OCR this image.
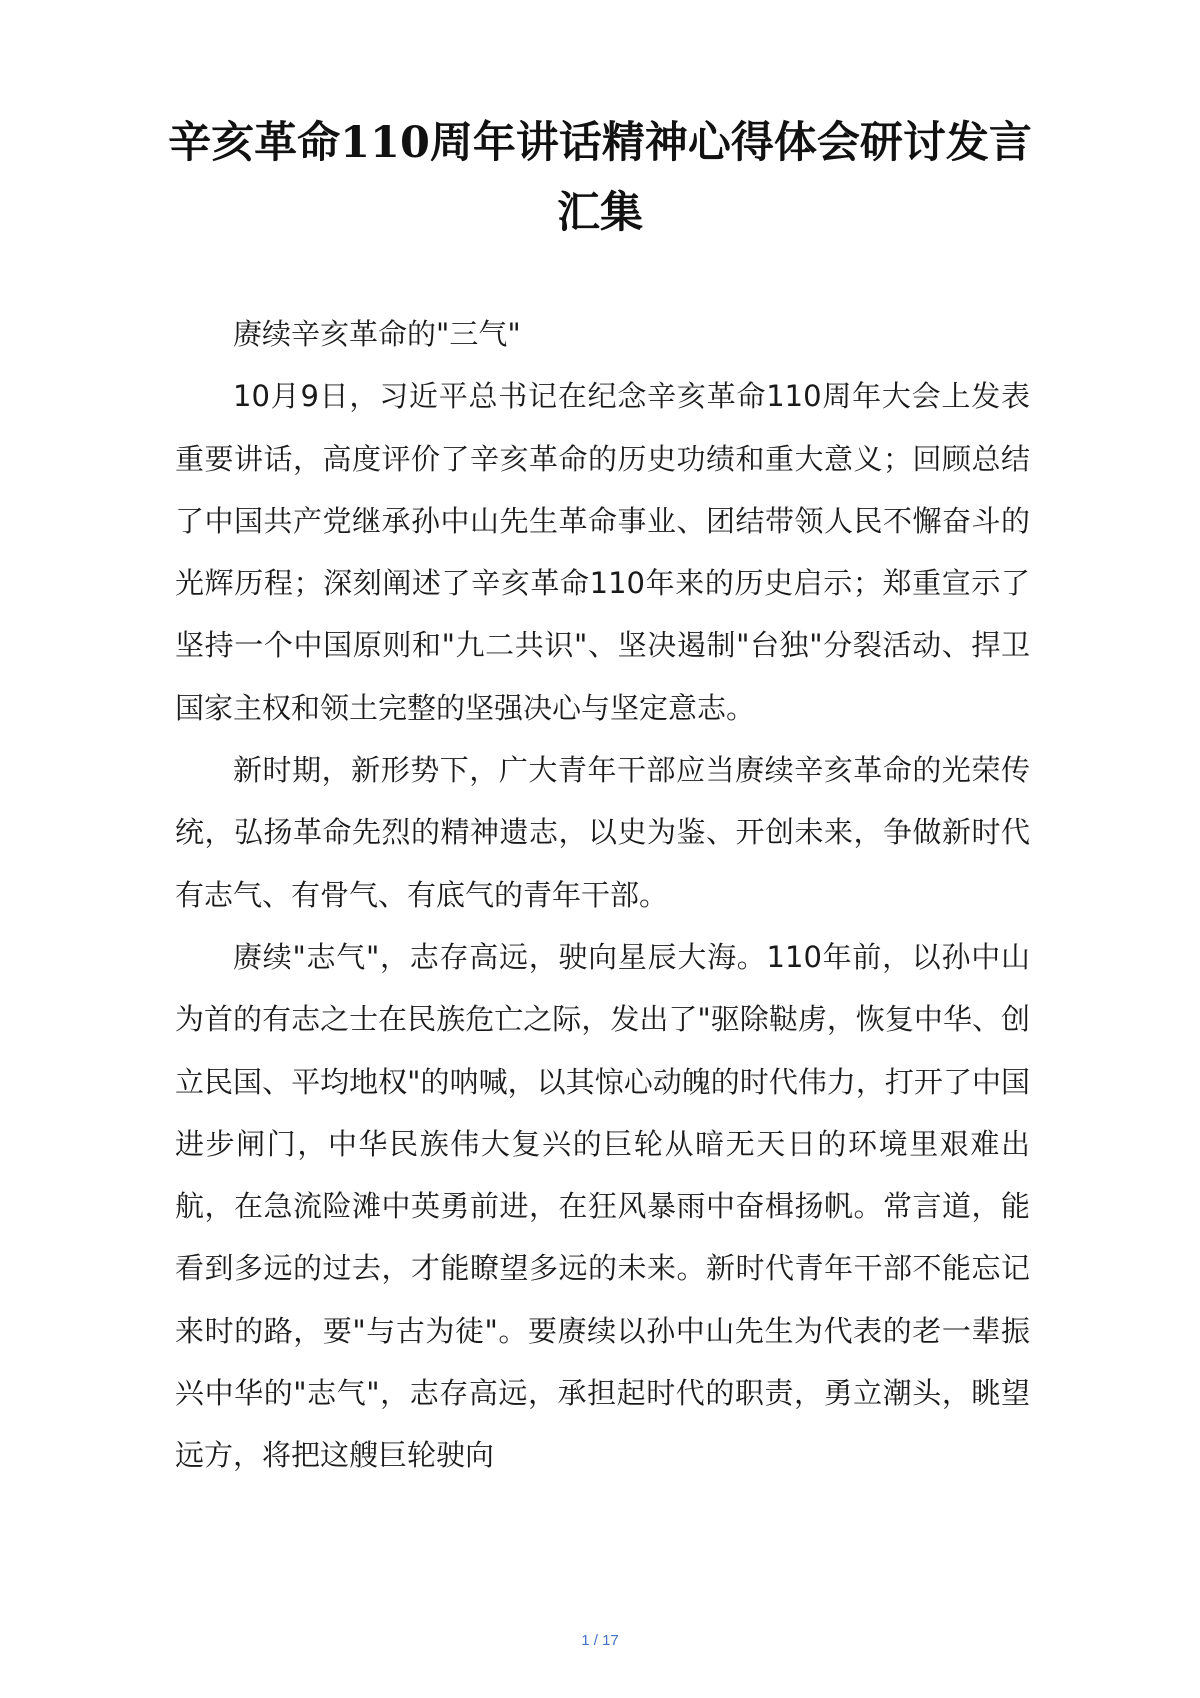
辛亥革命110周年讲话精神心得体会研讨发言汇集

赓续辛亥革命的"三气"

10月9日，习近平总书记在纪念辛亥革命110周年大会上发表重要讲话，高度评价了辛亥革命的历史功绩和重大意义；回顾总结了中国共产党继承孙中山先生革命事业、团结带领人民不懈奋斗的光辉历程；深刻阐述了辛亥革命110年来的历史启示；郑重宣示了坚持一个中国原则和"九二共识"、坚决遏制"台独"分裂活动、捍卫国家主权和领土完整的坚强决心与坚定意志。

新时期，新形势下，广大青年干部应当赓续辛亥革命的光荣传统，弘扬革命先烈的精神遗志，以史为鉴、开创未来，争做新时代有志气、有骨气、有底气的青年干部。

赓续"志气"，志存高远，驶向星辰大海。110年前，以孙中山为首的有志之士在民族危亡之际，发出了"驱除鞑虏，恢复中华、创立民国、平均地权"的呐喊，以其惊心动魄的时代伟力，打开了中国进步闸门，中华民族伟大复兴的巨轮从暗无天日的环境里艰难出航，在急流险滩中英勇前进，在狂风暴雨中奋楫扬帆。常言道，能看到多远的过去，才能瞭望多远的未来。新时代青年干部不能忘记来时的路，要"与古为徒"。要赓续以孙中山先生为代表的老一辈振兴中华的"志气"，志存高远，承担起时代的职责，勇立潮头，眺望远方，将把这艘巨轮驶向

1 / 17
